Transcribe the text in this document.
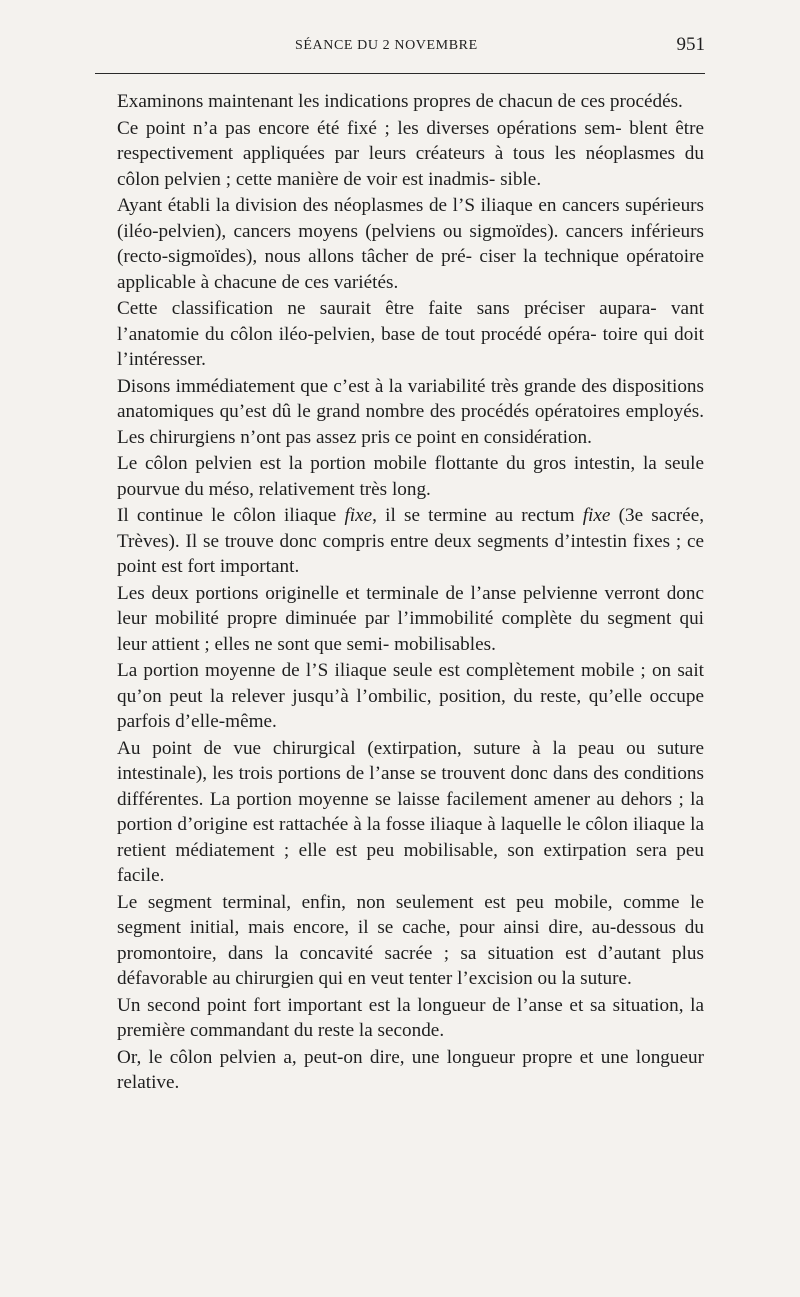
SÉANCE DU 2 NOVEMBRE	951

Examinons maintenant les indications propres de chacun de ces procédés.

Ce point n’a pas encore été fixé ; les diverses opérations sem- blent être respectivement appliquées par leurs créateurs à tous les néoplasmes du côlon pelvien ; cette manière de voir est inadmis- sible.

Ayant établi la division des néoplasmes de l’S iliaque en cancers supérieurs (iléo-pelvien), cancers moyens (pelviens ou sigmoïdes). cancers inférieurs (recto-sigmoïdes), nous allons tâcher de pré- ciser la technique opératoire applicable à chacune de ces variétés.

Cette classification ne saurait être faite sans préciser aupara- vant l’anatomie du côlon iléo-pelvien, base de tout procédé opéra- toire qui doit l’intéresser.

Disons immédiatement que c’est à la variabilité très grande des dispositions anatomiques qu’est dû le grand nombre des procédés opératoires employés. Les chirurgiens n’ont pas assez pris ce point en considération.

Le côlon pelvien est la portion mobile flottante du gros intestin, la seule pourvue du méso, relativement très long.

Il continue le côlon iliaque fixe, il se termine au rectum fixe (3e sacrée, Trèves). Il se trouve donc compris entre deux segments d’intestin fixes ; ce point est fort important.

Les deux portions originelle et terminale de l’anse pelvienne verront donc leur mobilité propre diminuée par l’immobilité complète du segment qui leur attient ; elles ne sont que semi- mobilisables.

La portion moyenne de l’S iliaque seule est complètement mobile ; on sait qu’on peut la relever jusqu’à l’ombilic, position, du reste, qu’elle occupe parfois d’elle-même.

Au point de vue chirurgical (extirpation, suture à la peau ou suture intestinale), les trois portions de l’anse se trouvent donc dans des conditions différentes. La portion moyenne se laisse facilement amener au dehors ; la portion d’origine est rattachée à la fosse iliaque à laquelle le côlon iliaque la retient médiatement ; elle est peu mobilisable, son extirpation sera peu facile.

Le segment terminal, enfin, non seulement est peu mobile, comme le segment initial, mais encore, il se cache, pour ainsi dire, au-dessous du promontoire, dans la concavité sacrée ; sa situation est d’autant plus défavorable au chirurgien qui en veut tenter l’excision ou la suture.

Un second point fort important est la longueur de l’anse et sa situation, la première commandant du reste la seconde.

Or, le côlon pelvien a, peut-on dire, une longueur propre et une longueur relative.
